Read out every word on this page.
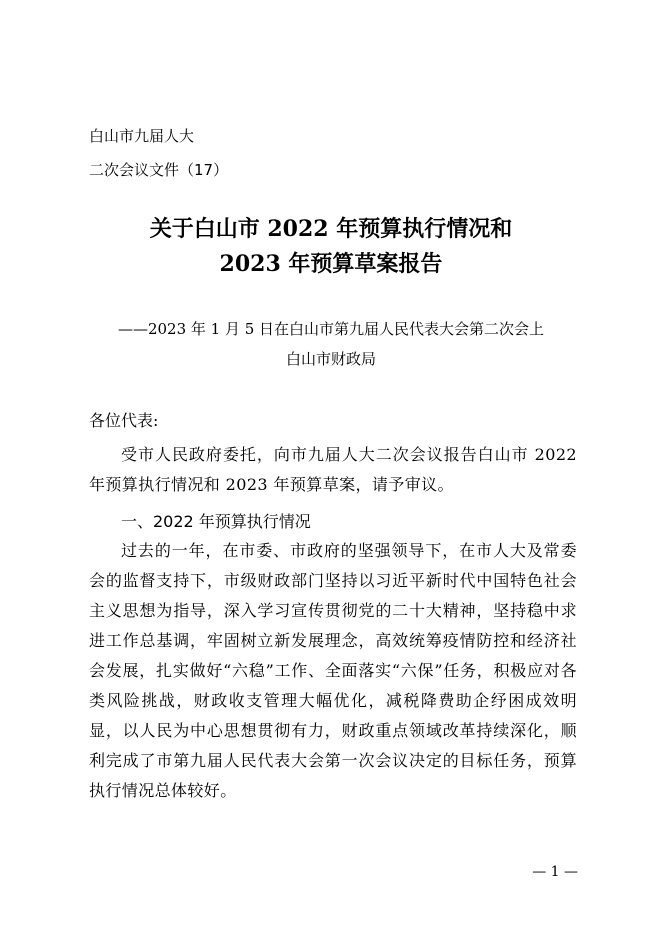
白山市九届人大
二次会议文件（17）
关于白山市 2022 年预算执行情况和
2023 年预算草案报告
——2023 年 1 月 5 日在白山市第九届人民代表大会第二次会上
白山市财政局
各位代表:

受市人民政府委托，向市九届人大二次会议报告白山市 2022 年预算执行情况和 2023 年预算草案，请予审议。

一、2022 年预算执行情况

过去的一年，在市委、市政府的坚强领导下，在市人大及常委会的监督支持下，市级财政部门坚持以习近平新时代中国特色社会主义思想为指导，深入学习宣传贯彻党的二十大精神，坚持稳中求进工作总基调，牢固树立新发展理念，高效统筹疫情防控和经济社会发展，扎实做好“六稳”工作、全面落实“六保”任务，积极应对各类风险挑战，财政收支管理大幅优化，减税降费助企纾困成效明显，以人民为中心思想贯彻有力，财政重点领域改革持续深化，顺利完成了市第九届人民代表大会第一次会议决定的目标任务，预算执行情况总体较好。

— 1 —
